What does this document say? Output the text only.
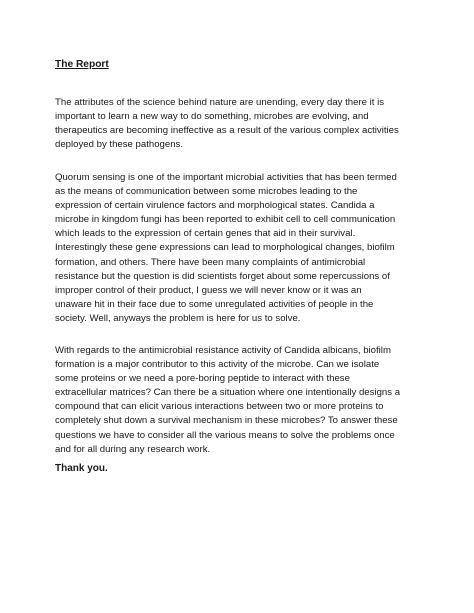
The Report

The attributes of the science behind nature are unending, every day there it is
important to learn a new way to do something, microbes are evolving, and
therapeutics are becoming ineffective as a result of the various complex activities
deployed by these pathogens.

Quorum sensing is one of the important microbial activities that has been termed
as the means of communication between some microbes leading to the
expression of certain virulence factors and morphological states. Candida a
microbe in kingdom fungi has been reported to exhibit cell to cell communication
which leads to the expression of certain genes that aid in their survival.
Interestingly these gene expressions can lead to morphological changes, biofilm
formation, and others. There have been many complaints of antimicrobial
resistance but the question is did scientists forget about some repercussions of
improper control of their product, I guess we will never know or it was an
unaware hit in their face due to some unregulated activities of people in the
society. Well, anyways the problem is here for us to solve.

With regards to the antimicrobial resistance activity of Candida albicans, biofilm
formation is a major contributor to this activity of the microbe. Can we isolate
some proteins or we need a pore-boring peptide to interact with these
extracellular matrices? Can there be a situation where one intentionally designs a
compound that can elicit various interactions between two or more proteins to
completely shut down a survival mechanism in these microbes? To answer these
questions we have to consider all the various means to solve the problems once
and for all during any research work.

Thank you.
